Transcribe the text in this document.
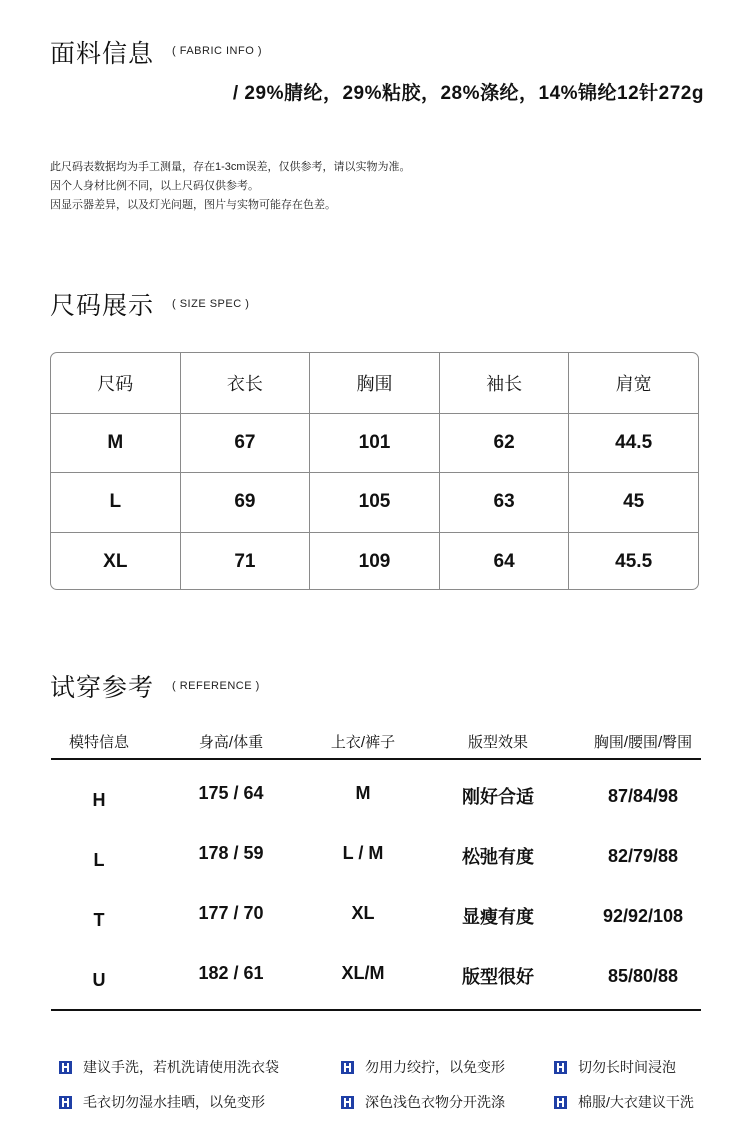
面料信息 ( FABRIC INFO )
/ 29%腈纶，29%粘胶，28%涤纶，14%锦纶12针272g
此尺码表数据均为手工测量，存在1-3cm误差，仅供参考，请以实物为准。
因个人身材比例不同，以上尺码仅供参考。
因显示器差异，以及灯光问题，图片与实物可能存在色差。
尺码展示 ( SIZE SPEC )
尺码	衣长	胸围	袖长	肩宽
M	67	101	62	44.5
L	69	105	63	45
XL	71	109	64	45.5
试穿参考 ( REFERENCE )
模特信息	身高/体重	上衣/裤子	版型效果	胸围/腰围/臀围
H	175 / 64	M	刚好合适	87/84/98
L	178 / 59	L / M	松弛有度	82/79/88
T	177 / 70	XL	显瘦有度	92/92/108
U	182 / 61	XL/M	版型很好	85/80/88
建议手洗，若机洗请使用洗衣袋	勿用力绞拧，以免变形	切勿长时间浸泡
毛衣切勿湿水挂晒，以免变形	深色浅色衣物分开洗涤	棉服/大衣建议干洗
